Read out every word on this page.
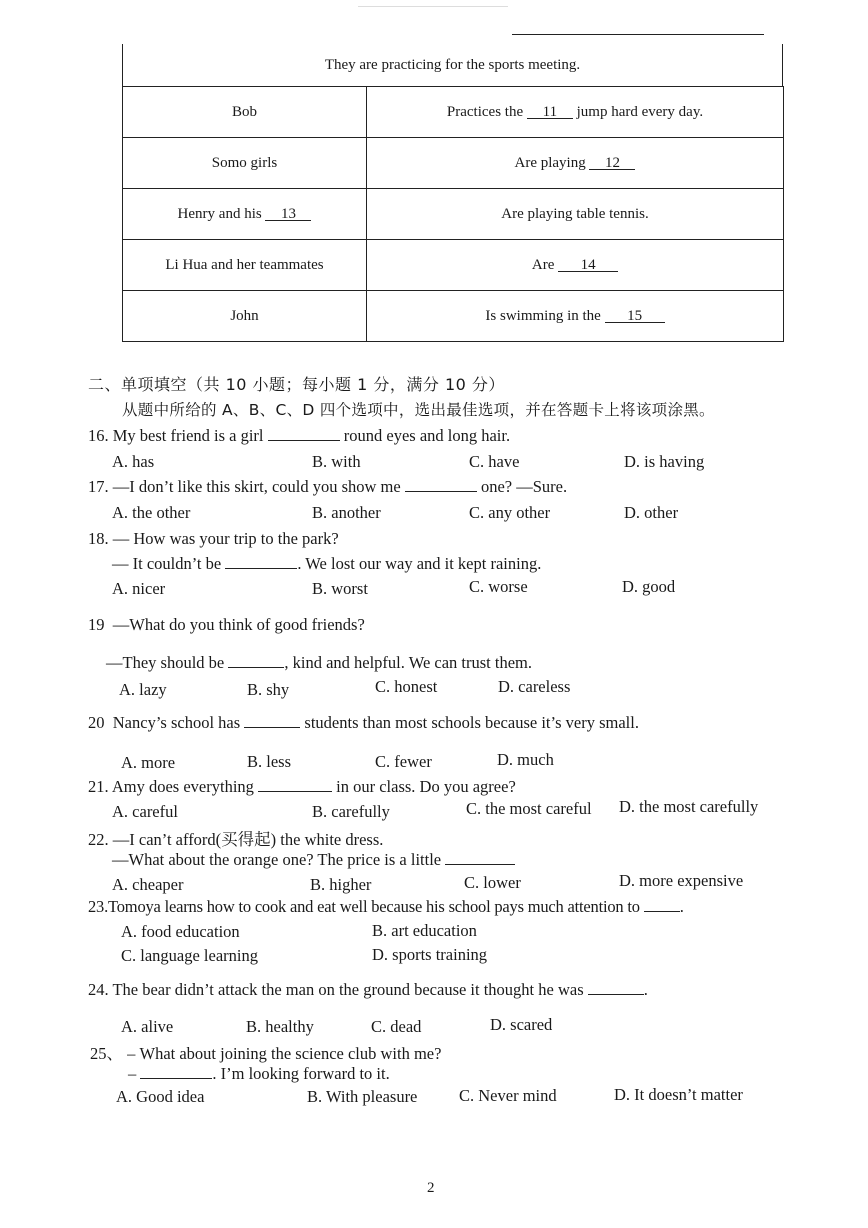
They are practicing for the sports meeting.
Bob	Practices the 11 jump hard every day.
Somo girls	Are playing 12
Henry and his 13	Are playing table tennis.
Li Hua and her teammates	Are 14
John	Is swimming in the 15
二、单项填空（共 10 小题；每小题 1 分，满分 10 分）
从题中所给的 A、B、C、D 四个选项中，选出最佳选项，并在答题卡上将该项涂黑。
16. My best friend is a girl	round eyes and long hair.
A. has	B. with	C. have	D. is having
17. —I don’t like this skirt, could you show me	one? —Sure.
A. the other	B. another	C. any other	D. other
18. — How was your trip to the park?
— It couldn’t be	. We lost our way and it kept raining.
A. nicer	B. worst	C. worse	D. good
19 —What do you think of good friends?
—They should be	, kind and helpful. We can trust them.
A. lazy	B. shy	C. honest	D. careless
20 Nancy’s school has	students than most schools because it’s very small.
A. more	B. less	C. fewer	D. much
21. Amy does everything	in our class. Do you agree?
A. careful	B. carefully	C. the most careful D. the most carefully
22. —I can’t afford(买得起) the white dress.
—What about the orange one? The price is a little
A. cheaper	B. higher	C. lower	D. more expensive
23.Tomoya learns how to cook and eat well because his school pays much attention to .
A. food education	B. art education
C. language learning	D. sports training
24. The bear didn’t attack the man on the ground because it thought he was	.
A. alive	B. healthy	C. dead	D. scared
25、 – What about joining the science club with me?
–	. I’m looking forward to it.
A. Good idea	B. With pleasure	C. Never mind	D. It doesn’t matter
2
